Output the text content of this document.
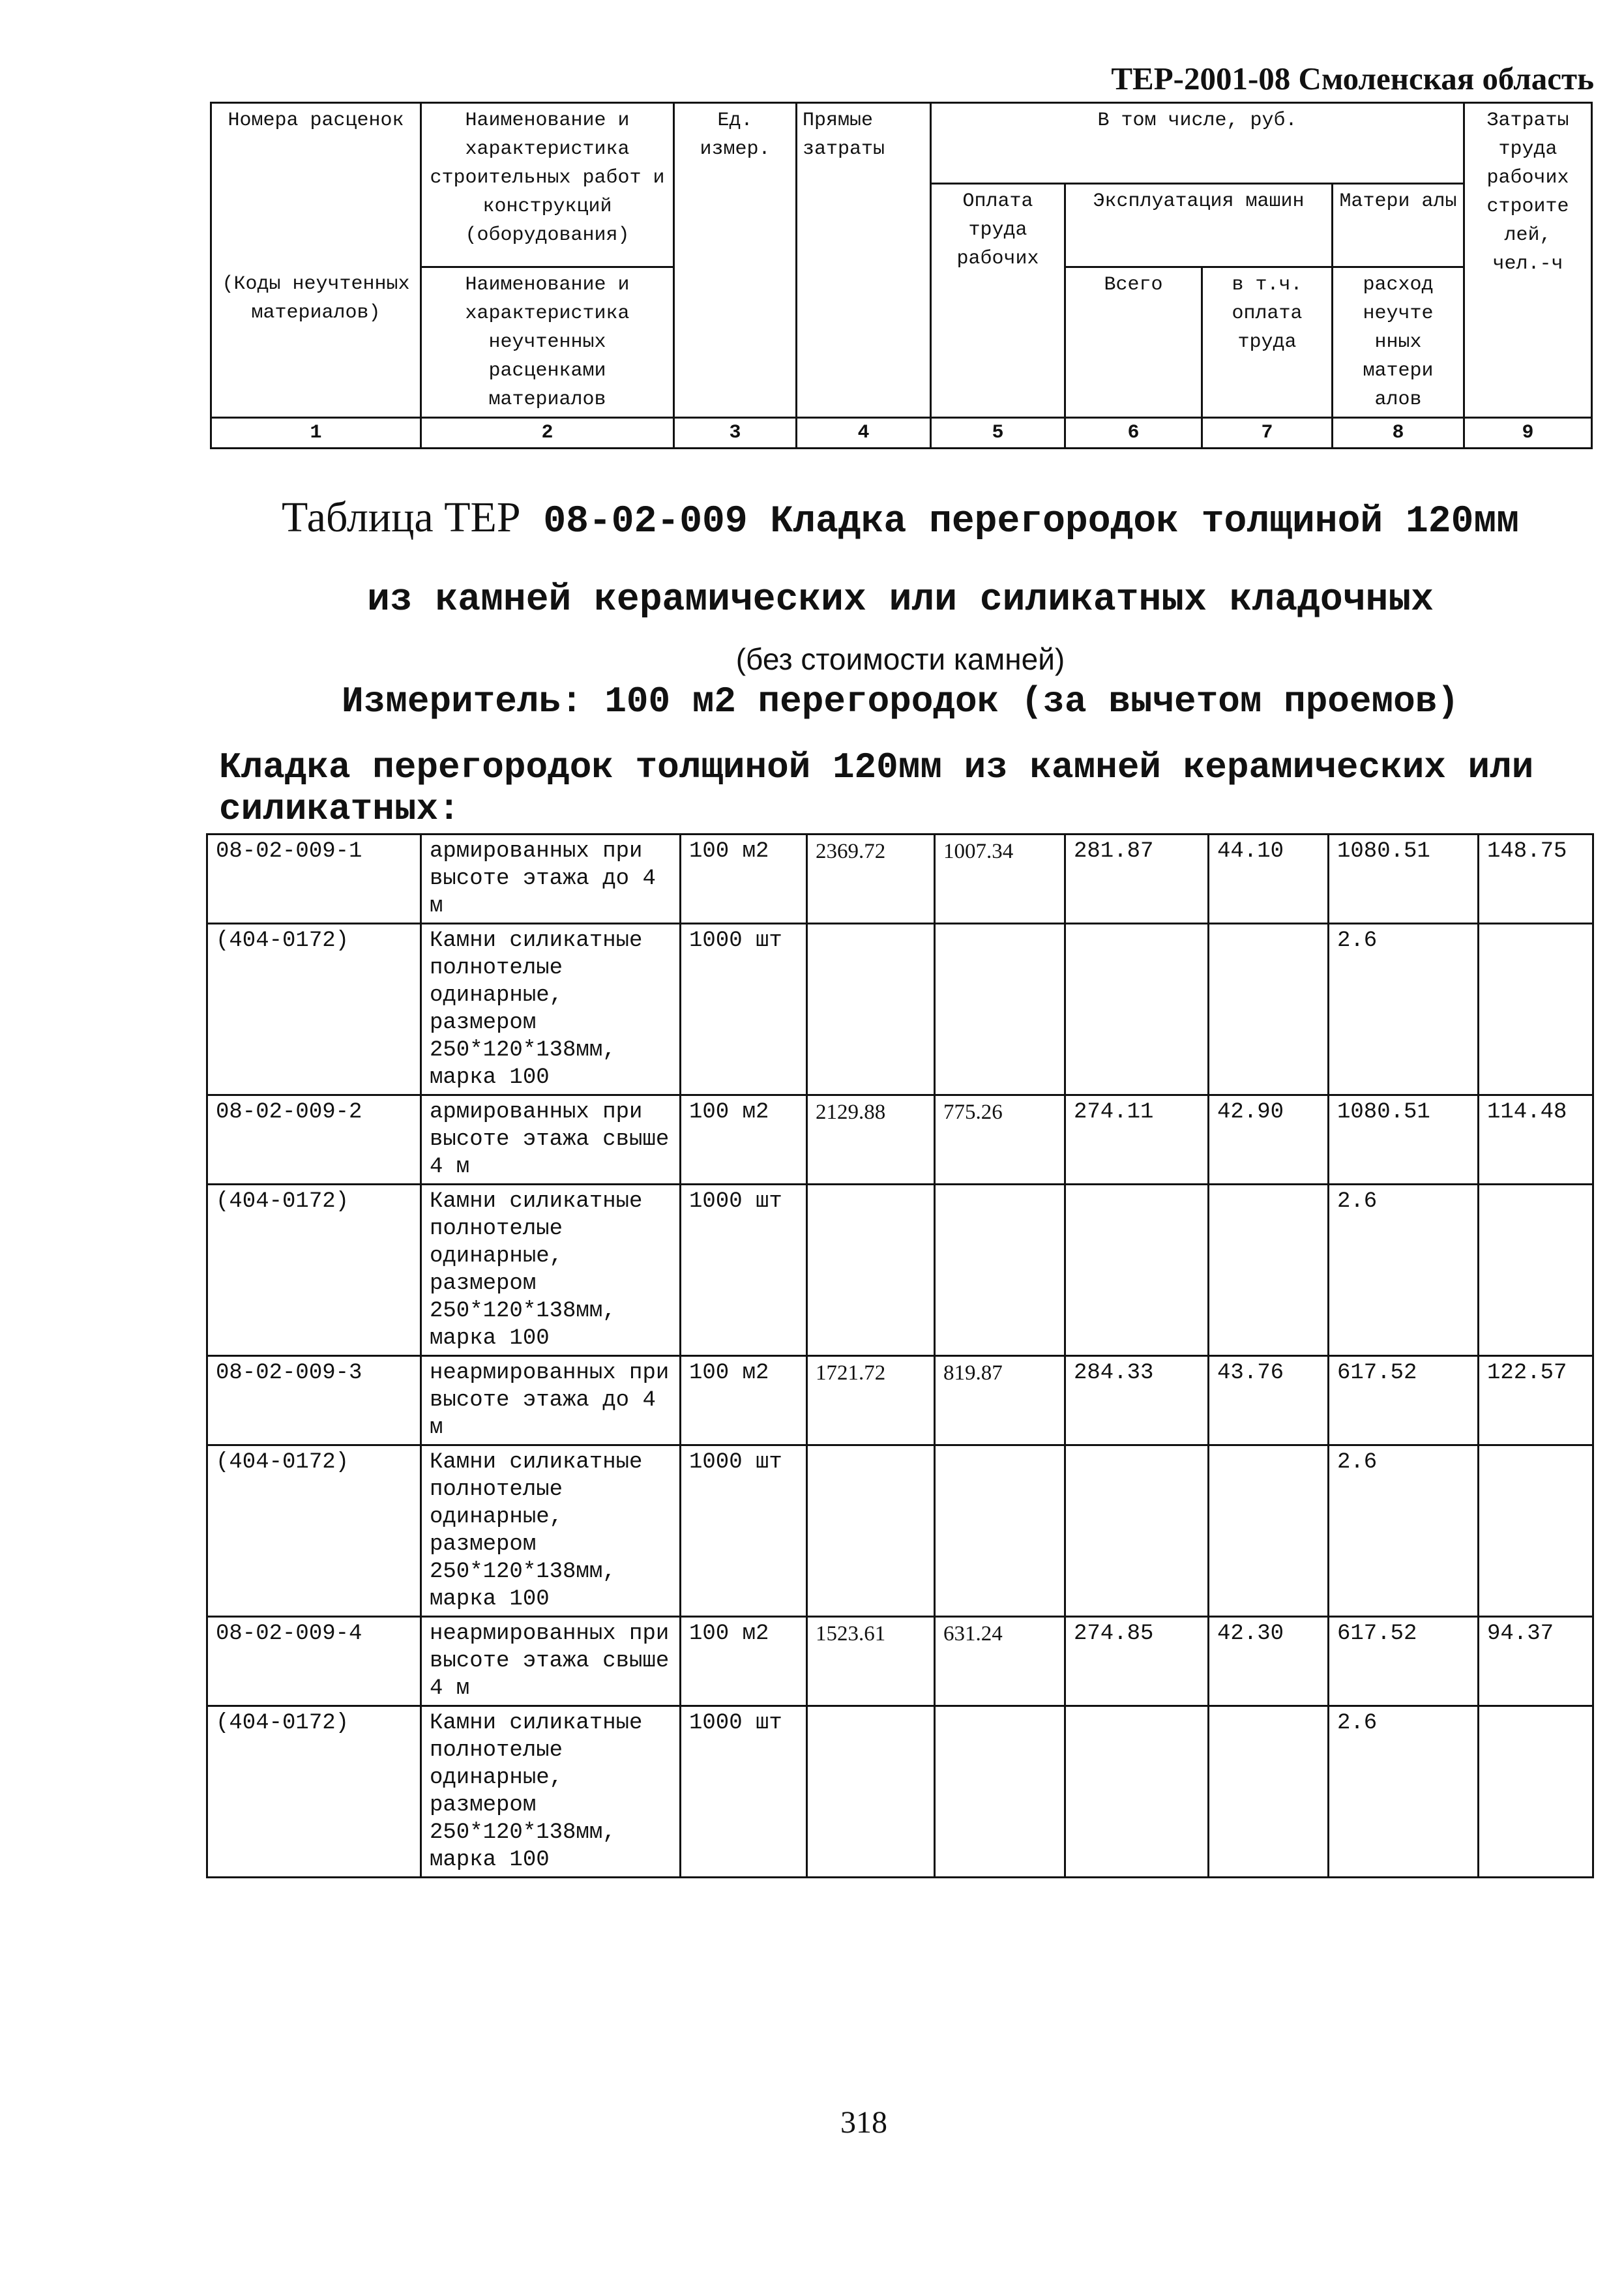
ТЕР-2001-08 Смоленская область
Номера расценок	Наименование и характеристика строительных работ и конструкций (оборудования)	Ед. измер.	Прямые затраты	В том числе, руб.				Затраты труда рабочих строите лей, чел.-ч
				Оплата труда рабочих	Эксплуатация машин		Матери алы	
(Коды неучтенных материалов)	Наименование и характеристика неучтенных расценками материалов				Всего	в т.ч. оплата труда	расход неучте нных матери алов	
1	2	3	4	5	6	7	8	9
Таблица ТЕР 08-02-009 Кладка перегородок толщиной 120мм
из камней керамических или силикатных кладочных
(без стоимости камней)
Измеритель: 100 м2 перегородок (за вычетом проемов)
Кладка перегородок толщиной 120мм из камней керамических или силикатных:
08-02-009-1	армированных при высоте этажа до 4 м	100 м2	2369.72	1007.34	281.87	44.10	1080.51	148.75
(404-0172)	Камни силикатные полнотелые одинарные, размером 250*120*138мм, марка 100	1000 шт					2.6	
08-02-009-2	армированных при высоте этажа свыше 4 м	100 м2	2129.88	775.26	274.11	42.90	1080.51	114.48
(404-0172)	Камни силикатные полнотелые одинарные, размером 250*120*138мм, марка 100	1000 шт					2.6	
08-02-009-3	неармированных при высоте этажа до 4 м	100 м2	1721.72	819.87	284.33	43.76	617.52	122.57
(404-0172)	Камни силикатные полнотелые одинарные, размером 250*120*138мм, марка 100	1000 шт					2.6	
08-02-009-4	неармированных при высоте этажа свыше 4 м	100 м2	1523.61	631.24	274.85	42.30	617.52	94.37
(404-0172)	Камни силикатные полнотелые одинарные, размером 250*120*138мм, марка 100	1000 шт					2.6	
318
